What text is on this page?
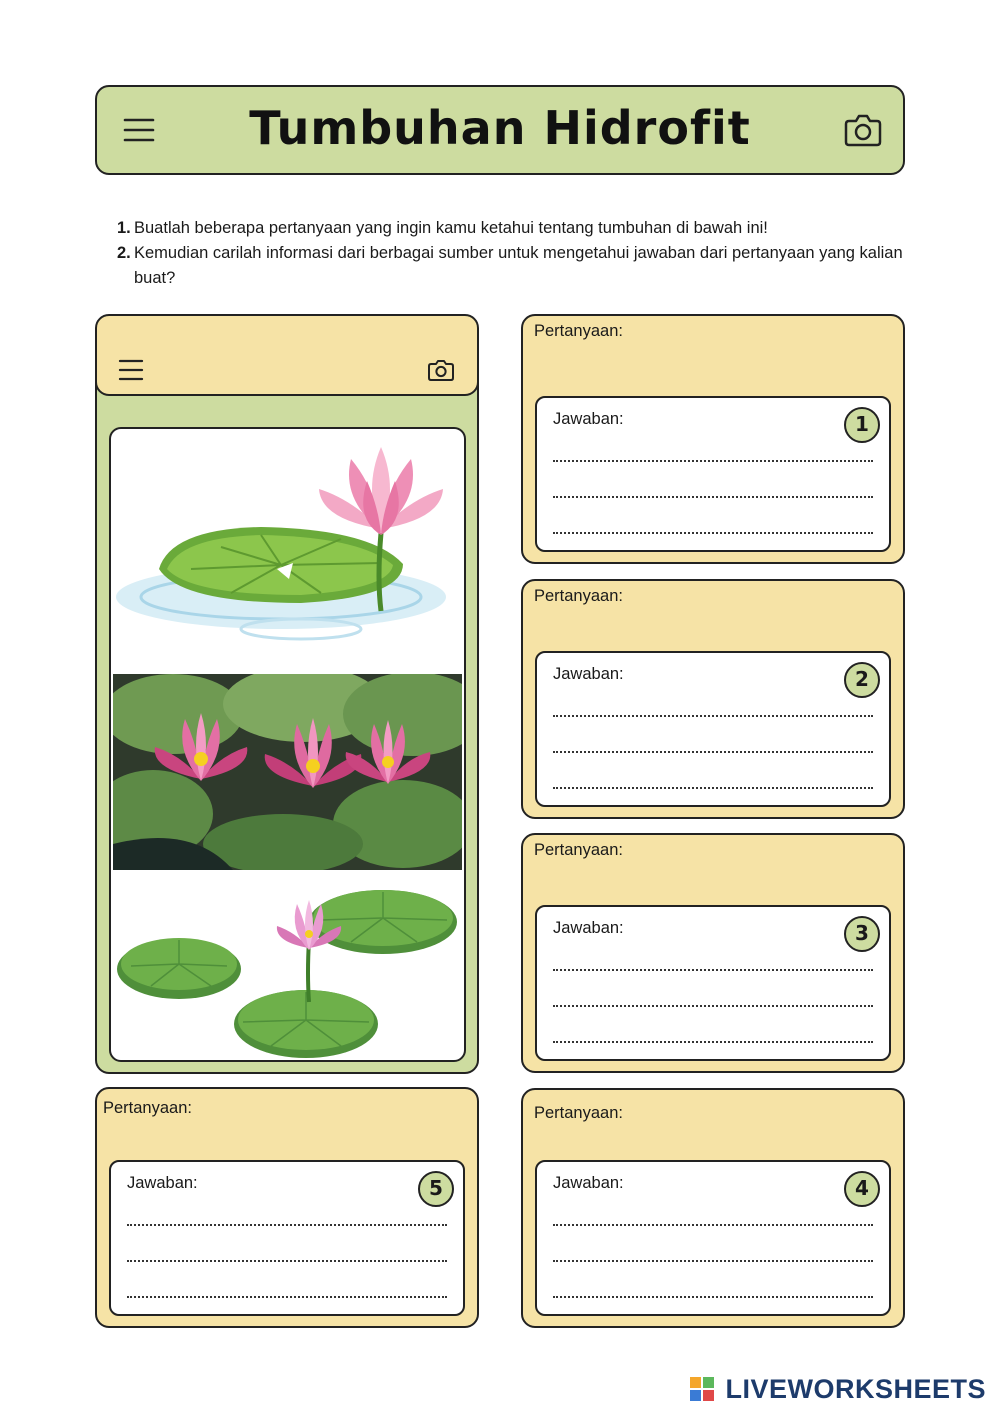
Tumbuhan Hidrofit
1. Buatlah beberapa pertanyaan yang ingin kamu ketahui tentang tumbuhan di bawah ini!
2. Kemudian carilah informasi dari berbagai sumber untuk mengetahui jawaban dari pertanyaan yang kalian buat?
Pertanyaan:
Jawaban:	1
Pertanyaan:
Jawaban:	2
Pertanyaan:
Jawaban:	3
Pertanyaan:
Jawaban:	4
Pertanyaan:
Jawaban:	5
LIVEWORKSHEETS
